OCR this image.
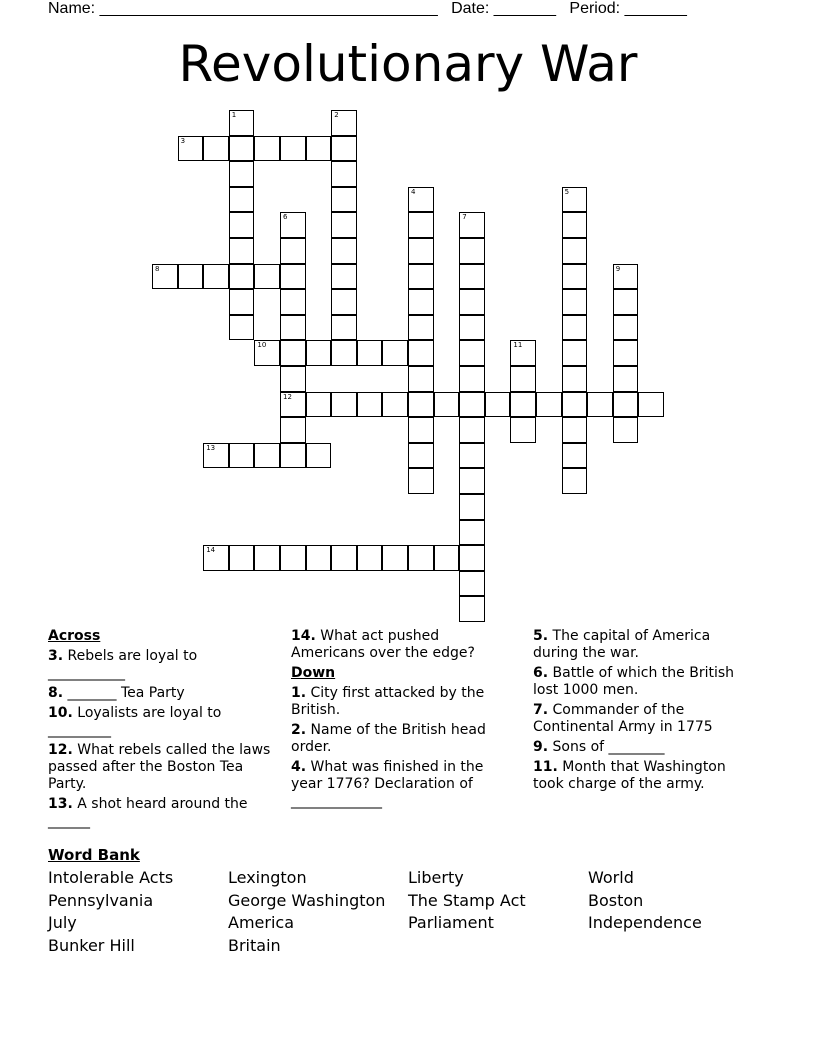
Name: ______________________________________ Date: _______ Period: _______
Revolutionary War
1	2
3
4	5
6
12
7
8	9
10	11
13
14
Across
3. Rebels are loyal to ___________
8. _______ Tea Party
10. Loyalists are loyal to _________
12. What rebels called the laws passed after the Boston Tea Party.
13. A shot heard around the ______
14. What act pushed Americans over the edge?
Down
1. City first attacked by the British.
2. Name of the British head order.
4. What was finished in the year 1776? Declaration of _____________
5. The capital of America during the war.
6. Battle of which the British lost 1000 men.
7. Commander of the Continental Army in 1775
9. Sons of ________
11. Month that Washington took charge of the army.
Word Bank
Intolerable Acts	Lexington	Liberty	World
Pennsylvania	George Washington	The Stamp Act	Boston
July	America	Parliament	Independence
Bunker Hill	Britain
